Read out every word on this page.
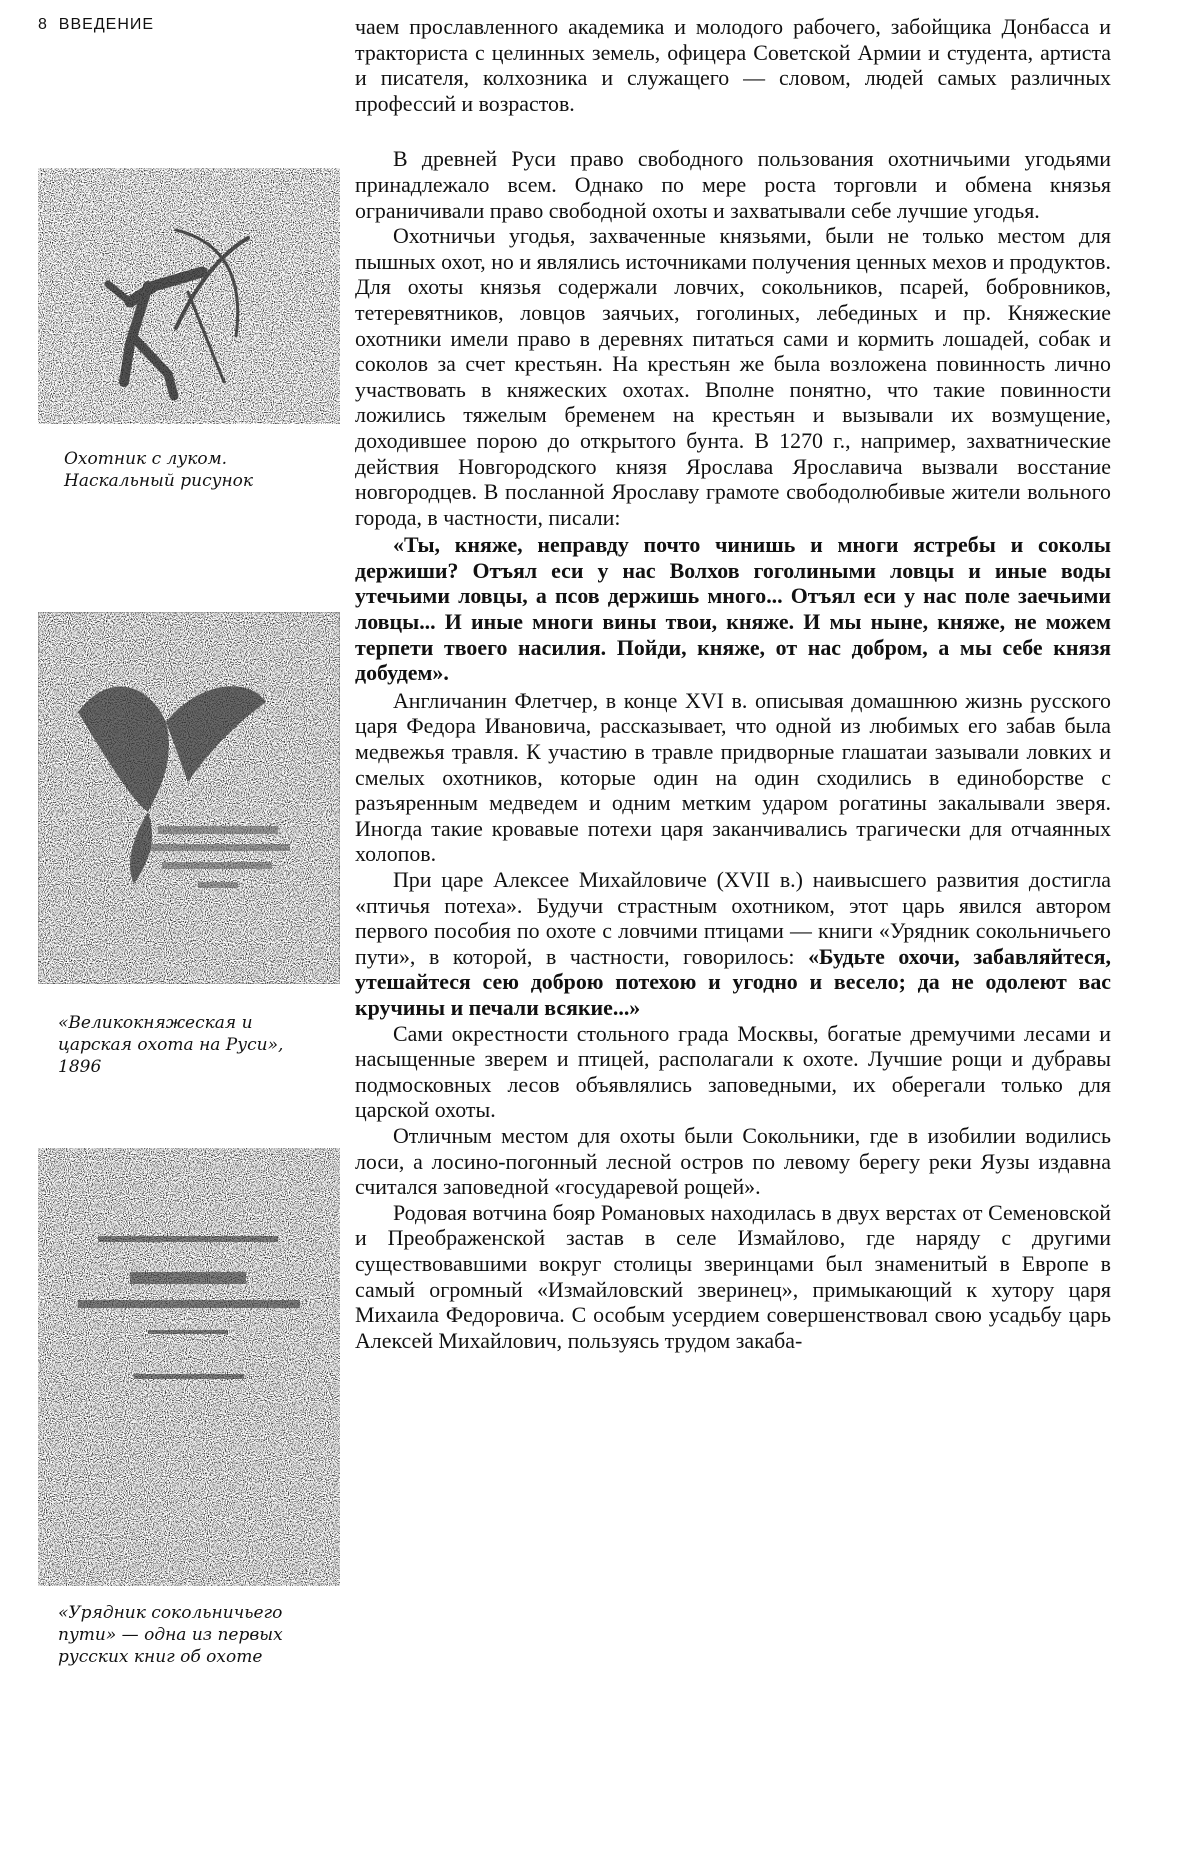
8 ВВЕДЕНИЕ
Охотник с луком.
Наскальный рисунок
«Великокняжеская и
царская охота на Руси»,
1896
«Урядник сокольничьего
пути» — одна из первых
русских книг об охоте

чаем прославленного академика и молодого рабочего, забойщика Донбасса и тракториста с целинных земель, офицера Советской Армии и студента, артиста и писателя, колхозника и служащего — словом, людей самых различных профессий и возрастов.

В древней Руси право свободного пользования охотничьими угодьями принадлежало всем. Однако по мере роста торговли и обмена князья ограничивали право свободной охоты и захватывали себе лучшие угодья.

Охотничьи угодья, захваченные князьями, были не только местом для пышных охот, но и являлись источниками получения ценных мехов и продуктов. Для охоты князья содержали ловчих, сокольников, псарей, бобровников, тетеревятников, ловцов заячьих, гоголиных, лебединых и пр. Княжеские охотники имели право в деревнях питаться сами и кормить лошадей, собак и соколов за счет крестьян. На крестьян же была возложена повинность лично участвовать в княжеских охотах. Вполне понятно, что такие повинности ложились тяжелым бременем на крестьян и вызывали их возмущение, доходившее порою до открытого бунта. В 1270 г., например, захватнические действия Новгородского князя Ярослава Ярославича вызвали восстание новгородцев. В посланной Ярославу грамоте свободолюбивые жители вольного города, в частности, писали:

«Ты, княже, неправду почто чинишь и многи ястребы и соколы держиши? Отъял еси у нас Волхов гоголиными ловцы и иные воды утечьими ловцы, а псов держишь много... Отъял еси у нас поле заечьими ловцы... И иные многи вины твои, княже. И мы ныне, княже, не можем терпети твоего насилия. Пойди, княже, от нас добром, а мы себе князя добудем».

Англичанин Флетчер, в конце XVI в. описывая домашнюю жизнь русского царя Федора Ивановича, рассказывает, что одной из любимых его забав была медвежья травля. К участию в травле придворные глашатаи зазывали ловких и смелых охотников, которые один на один сходились в единоборстве с разъяренным медведем и одним метким ударом рогатины закалывали зверя. Иногда такие кровавые потехи царя заканчивались трагически для отчаянных холопов.

При царе Алексее Михайловиче (XVII в.) наивысшего развития достигла «птичья потеха». Будучи страстным охотником, этот царь явился автором первого пособия по охоте с ловчими птицами — книги «Урядник сокольничьего пути», в которой, в частности, говорилось: «Будьте охочи, забавляйтеся, утешайтеся сею доброю потехою и угодно и весело; да не одолеют вас кручины и печали всякие...»

Сами окрестности стольного града Москвы, богатые дремучими лесами и насыщенные зверем и птицей, располагали к охоте. Лучшие рощи и дубравы подмосковных лесов объявлялись заповедными, их оберегали только для царской охоты.

Отличным местом для охоты были Сокольники, где в изобилии водились лоси, а лосино-погонный лесной остров по левому берегу реки Яузы издавна считался заповедной «государевой рощей».

Родовая вотчина бояр Романовых находилась в двух верстах от Семеновской и Преображенской застав в селе Измайлово, где наряду с другими существовавшими вокруг столицы зверинцами был знаменитый в Европе в самый огромный «Измайловский зверинец», примыкающий к хутору царя Михаила Федоровича. С особым усердием совершенствовал свою усадьбу царь Алексей Михайлович, пользуясь трудом закаба-
